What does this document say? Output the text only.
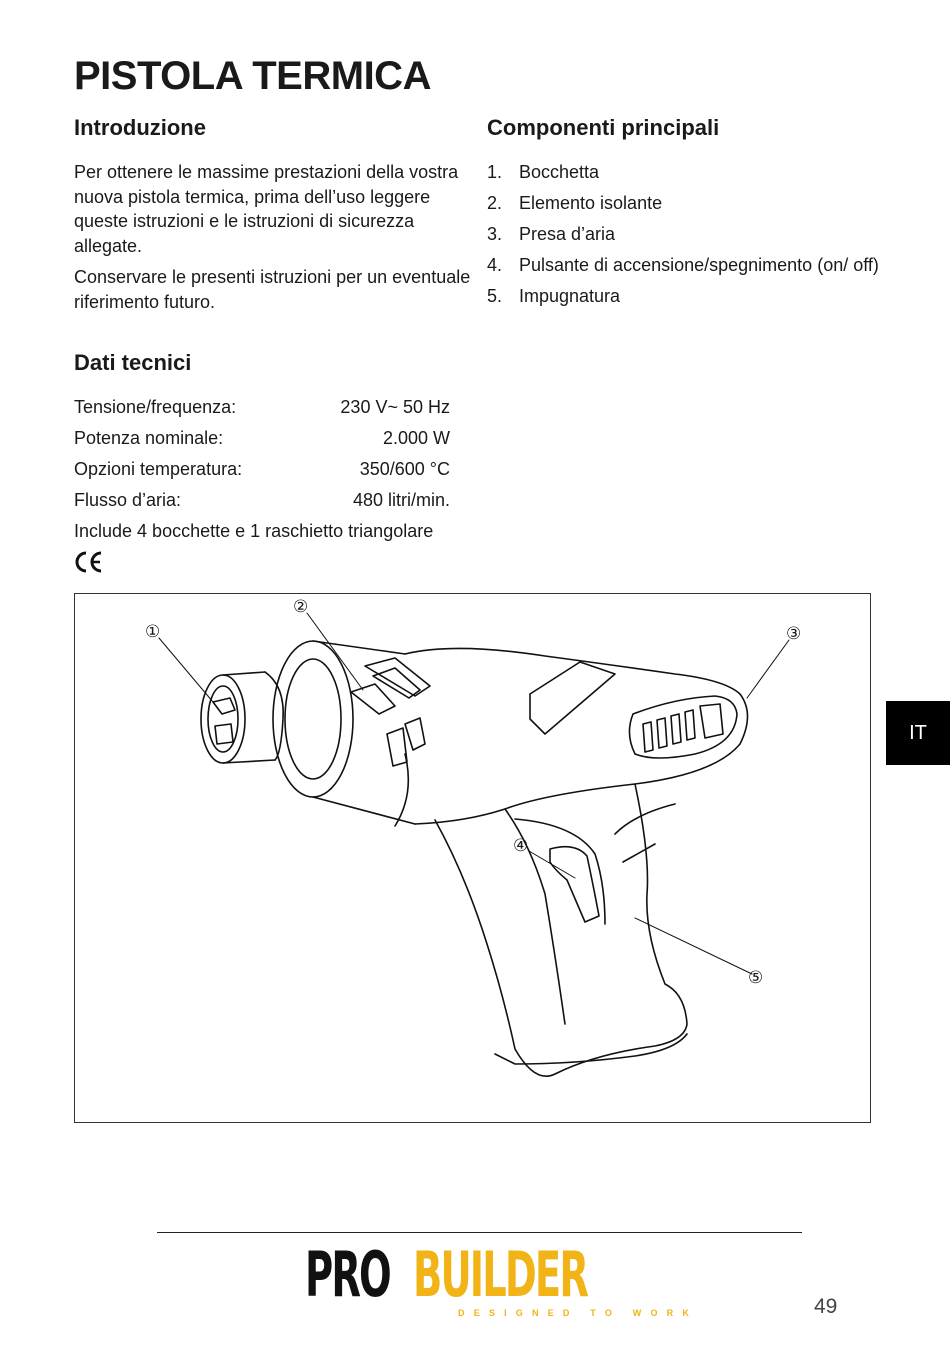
PISTOLA TERMICA
Introduzione

Per ottenere le massime prestazioni della vostra nuova pistola termica, prima dell’uso leggere queste istruzioni e le istruzioni di sicurezza allegate.

Conservare le presenti istruzioni per un eventuale riferimento futuro.

Componenti principali
1. Bocchetta
2. Elemento isolante
3. Presa d’aria
4. Pulsante di accensione/spegnimento (on/ off)
5. Impugnatura
Dati tecnici
Tensione/frequenza:	230 V~ 50 Hz
Potenza nominale:	2.000 W
Opzioni temperatura:	350/600 °C
Flusso d’aria:	480 litri/min.

Include 4 bocchette e 1 raschietto triangolare

①
②
③
④
⑤
IT
PRO BUILDER
DESIGNED TO WORK	49
